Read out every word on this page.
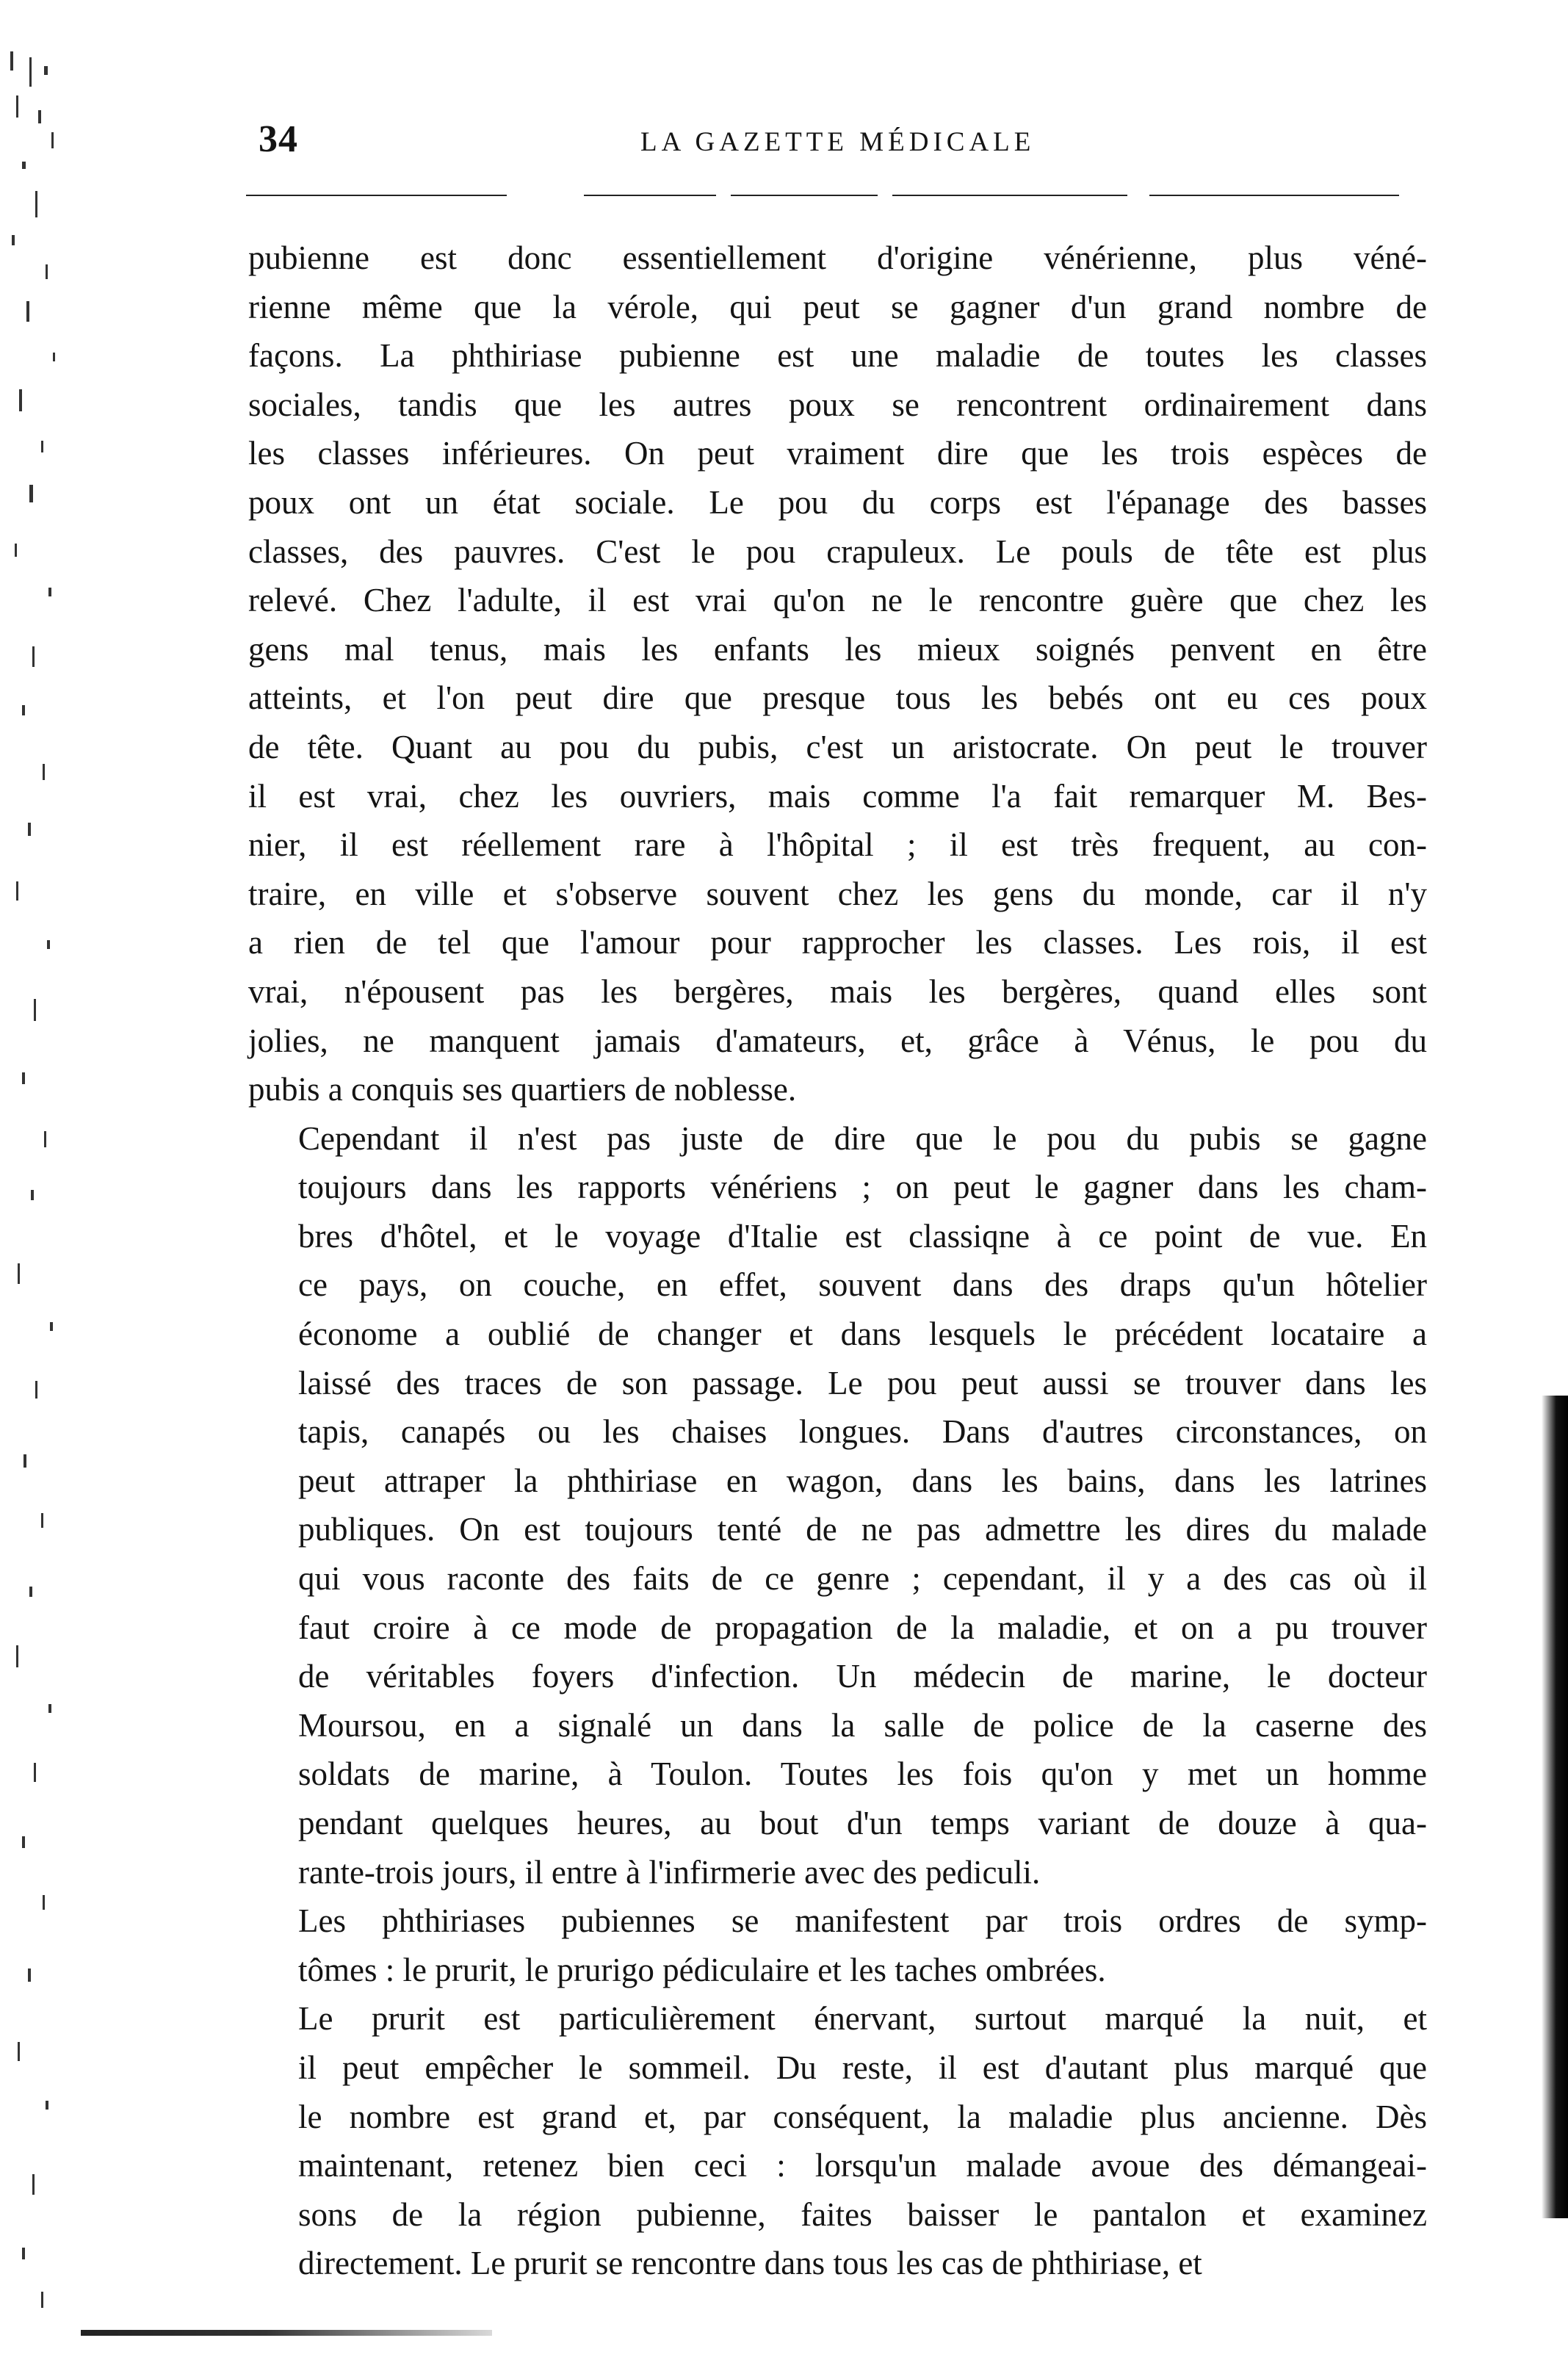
34	LA GAZETTE MÉDICALE

pubienne est donc essentiellement d'origine vénérienne, plus véné-
rienne même que la vérole, qui peut se gagner d'un grand nombre de
façons. La phthiriase pubienne est une maladie de toutes les classes
sociales, tandis que les autres poux se rencontrent ordinairement dans
les classes inférieures. On peut vraiment dire que les trois espèces de
poux ont un état sociale. Le pou du corps est l'épanage des basses
classes, des pauvres. C'est le pou crapuleux. Le pouls de tête est plus
relevé. Chez l'adulte, il est vrai qu'on ne le rencontre guère que chez les
gens mal tenus, mais les enfants les mieux soignés penvent en être
atteints, et l'on peut dire que presque tous les bebés ont eu ces poux
de tête. Quant au pou du pubis, c'est un aristocrate. On peut le trouver
il est vrai, chez les ouvriers, mais comme l'a fait remarquer M. Bes-
nier, il est réellement rare à l'hôpital ; il est très frequent, au con-
traire, en ville et s'observe souvent chez les gens du monde, car il n'y
a rien de tel que l'amour pour rapprocher les classes. Les rois, il est
vrai, n'épousent pas les bergères, mais les bergères, quand elles sont
jolies, ne manquent jamais d'amateurs, et, grâce à Vénus, le pou du
pubis a conquis ses quartiers de noblesse.

Cependant il n'est pas juste de dire que le pou du pubis se gagne
toujours dans les rapports vénériens ; on peut le gagner dans les cham-
bres d'hôtel, et le voyage d'Italie est classiqne à ce point de vue. En
ce pays, on couche, en effet, souvent dans des draps qu'un hôtelier
économe a oublié de changer et dans lesquels le précédent locataire a
laissé des traces de son passage. Le pou peut aussi se trouver dans les
tapis, canapés ou les chaises longues. Dans d'autres circonstances, on
peut attraper la phthiriase en wagon, dans les bains, dans les latrines
publiques. On est toujours tenté de ne pas admettre les dires du malade
qui vous raconte des faits de ce genre ; cependant, il y a des cas où il
faut croire à ce mode de propagation de la maladie, et on a pu trouver
de véritables foyers d'infection. Un médecin de marine, le docteur
Moursou, en a signalé un dans la salle de police de la caserne des
soldats de marine, à Toulon. Toutes les fois qu'on y met un homme
pendant quelques heures, au bout d'un temps variant de douze à qua-
rante-trois jours, il entre à l'infirmerie avec des pediculi.

Les phthiriases pubiennes se manifestent par trois ordres de symp-
tômes : le prurit, le prurigo pédiculaire et les taches ombrées.

Le prurit est particulièrement énervant, surtout marqué la nuit, et
il peut empêcher le sommeil. Du reste, il est d'autant plus marqué que
le nombre est grand et, par conséquent, la maladie plus ancienne. Dès
maintenant, retenez bien ceci : lorsqu'un malade avoue des démangeai-
sons de la région pubienne, faites baisser le pantalon et examinez
directement. Le prurit se rencontre dans tous les cas de phthiriase, et
